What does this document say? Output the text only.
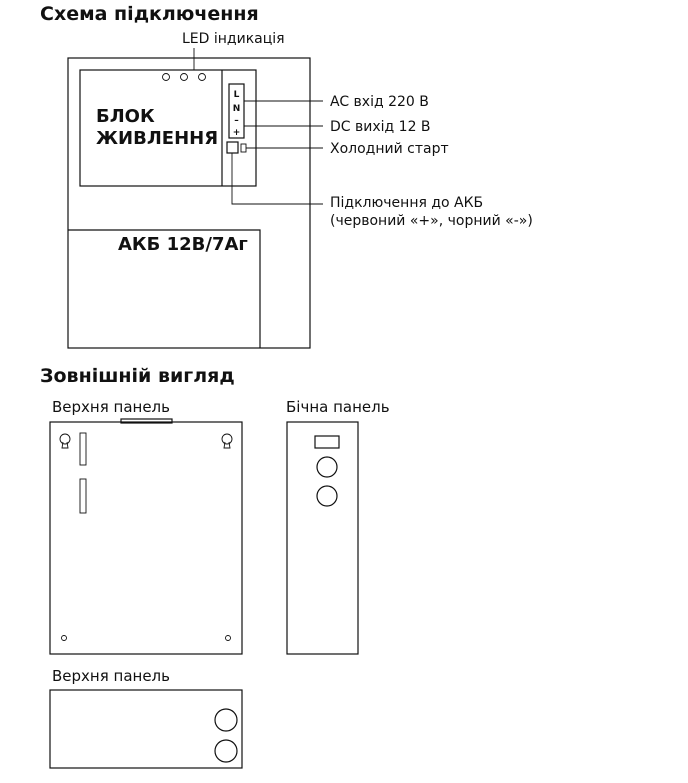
Схема підключення
LED індикація
БЛОК
ЖИВЛЕННЯ
L
N
–
+
AC вхід 220 В
DC вихід 12 В
Холодний старт
Підключення до АКБ
(червоний «+», чорний «-»)
АКБ 12В/7Аг
Зовнішній вигляд
Верхня панель	Бічна панель
Верхня панель
